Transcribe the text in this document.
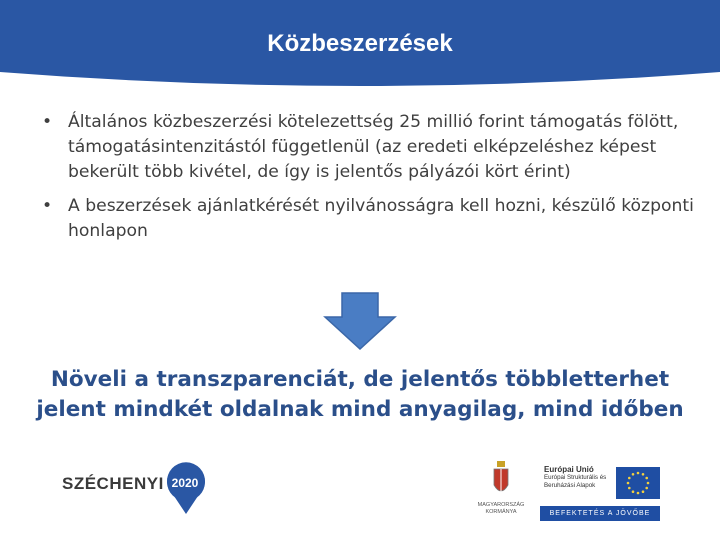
Közbeszerzések
• Általános közbeszerzési kötelezettség 25 millió forint támogatás fölött, támogatásintenzitástól függetlenül (az eredeti elképzeléshez képest bekerült több kivétel, de így is jelentős pályázói kört érint)
• A beszerzések ajánlatkérését nyilvánosságra kell hozni, készülő központi honlapon
Növeli a transzparenciát, de jelentős többletterhet jelent mindkét oldalnak mind anyagilag, mind időben
SZÉCHENYI 2020
MAGYARORSZÁG KORMÁNYA
Európai Unió
Európai Strukturális és Beruházási Alapok
BEFEKTETÉS A JÖVŐBE
